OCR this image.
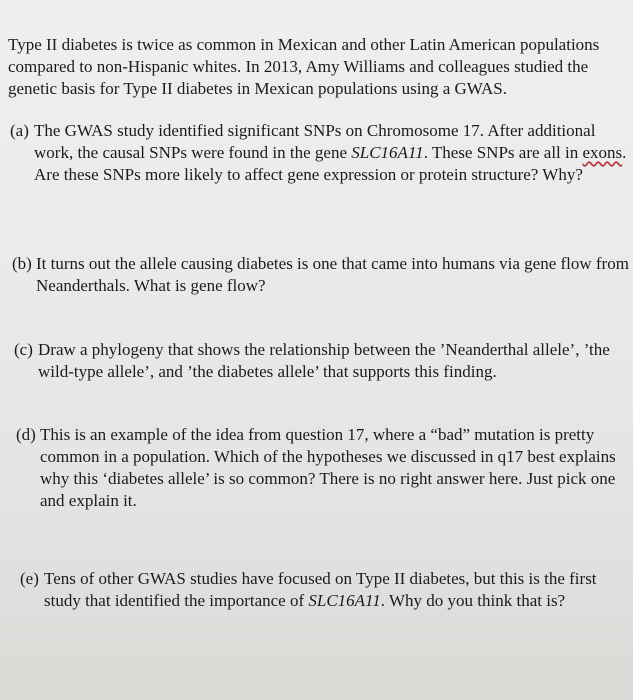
Type II diabetes is twice as common in Mexican and other Latin American populations compared to non-Hispanic whites. In 2013, Amy Williams and colleagues studied the genetic basis for Type II diabetes in Mexican populations using a GWAS.

(a) The GWAS study identified significant SNPs on Chromosome 17. After additional work, the causal SNPs were found in the gene SLC16A11. These SNPs are all in exons. Are these SNPs more likely to affect gene expression or protein structure? Why?

(b) It turns out the allele causing diabetes is one that came into humans via gene flow from Neanderthals. What is gene flow?

(c) Draw a phylogeny that shows the relationship between the ’Neanderthal allele’, ’the wild-type allele’, and ’the diabetes allele’ that supports this finding.

(d) This is an example of the idea from question 17, where a “bad” mutation is pretty common in a population. Which of the hypotheses we discussed in q17 best explains why this ‘diabetes allele’ is so common? There is no right answer here. Just pick one and explain it.

(e) Tens of other GWAS studies have focused on Type II diabetes, but this is the first study that identified the importance of SLC16A11. Why do you think that is?
